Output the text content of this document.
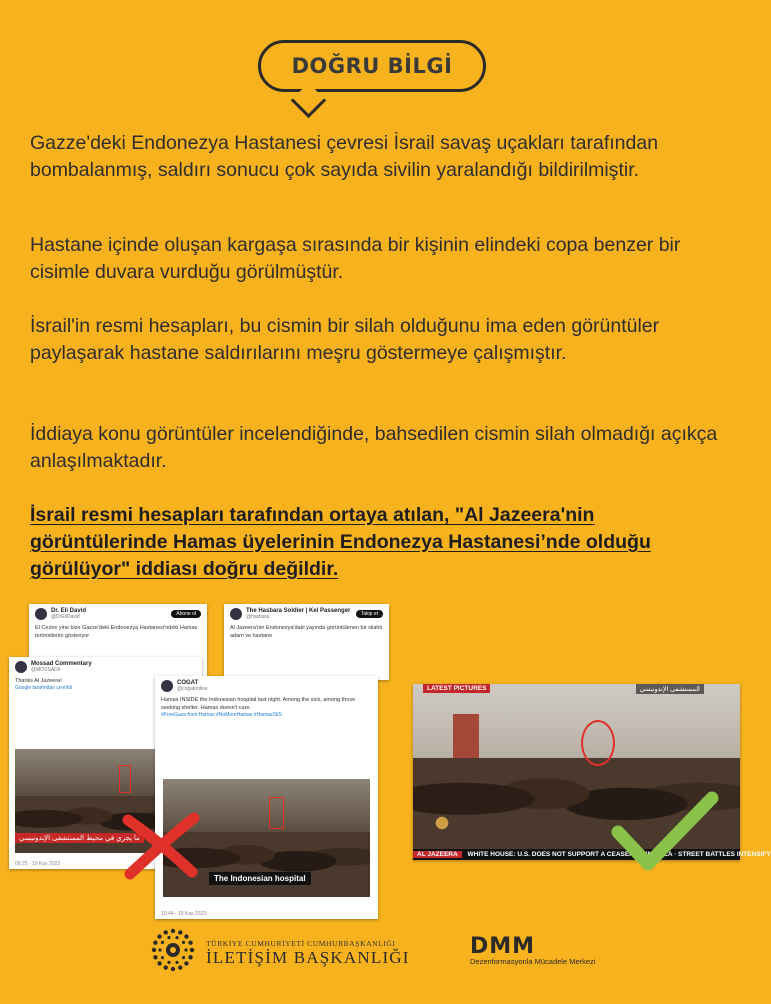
DOĞRU BİLGİ

Gazze'deki Endonezya Hastanesi çevresi İsrail savaş uçakları tarafından bombalanmış, saldırı sonucu çok sayıda sivilin yaralandığı bildirilmiştir.

Hastane içinde oluşan kargaşa sırasında bir kişinin elindeki copa benzer bir cisimle duvara vurduğu görülmüştür.

İsrail'in resmi hesapları, bu cismin bir silah olduğunu ima eden görüntüler paylaşarak hastane saldırılarını meşru göstermeye çalışmıştır.

İddiaya konu görüntüler incelendiğinde, bahsedilen cismin silah olmadığı açıkça anlaşılmaktadır.

İsrail resmi hesapları tarafından ortaya atılan, "Al Jazeera'nin görüntülerinde Hamas üyelerinin Endonezya Hastanesi’nde olduğu görülüyor" iddiası doğru değildir.

Dr. Eli David
@DrEliDavid	Abone ol
El Cezire yine bize Gazze'deki Endonezya Hastanesi'ndeki Hamas teröristlerini gösteriyor
The Hasbara Soldier | Kel Passenger
@hasbara	Takip et
Al Jazeera'nin Endonezya'daki yayında görüntülenen bir silahlı adam ve hastane
Mossad Commentary
@MOSSADil
Thanks Al Jazeera!
Google tarafından çevrildi
ما يجري في محيط المستشفى الإندونيسي
09:25 · 19 Kas 2023
COGAT
@cogatonline
Hamas INSIDE the Indonesian hospital last night. Among the sick, among those seeking shelter, Hamas doesn't care.
#FreeGaza from Hamas #NoMoreHamas #HamasISIS
The Indonesian hospital
10:44 · 19 Kas 2023
LATEST PICTURES	المستشفى الإندونيسي
AL JAZEERA WHITE HOUSE: U.S. DOES NOT SUPPORT A CEASEFIRE IN GAZA · STREET BATTLES INTENSIFY
TÜRKİYE CUMHURİYETİ CUMHURBAŞKANLIĞI
İLETİŞİM BAŞKANLIĞI	DMM
Dezenformasyonla Mücadele Merkezi
